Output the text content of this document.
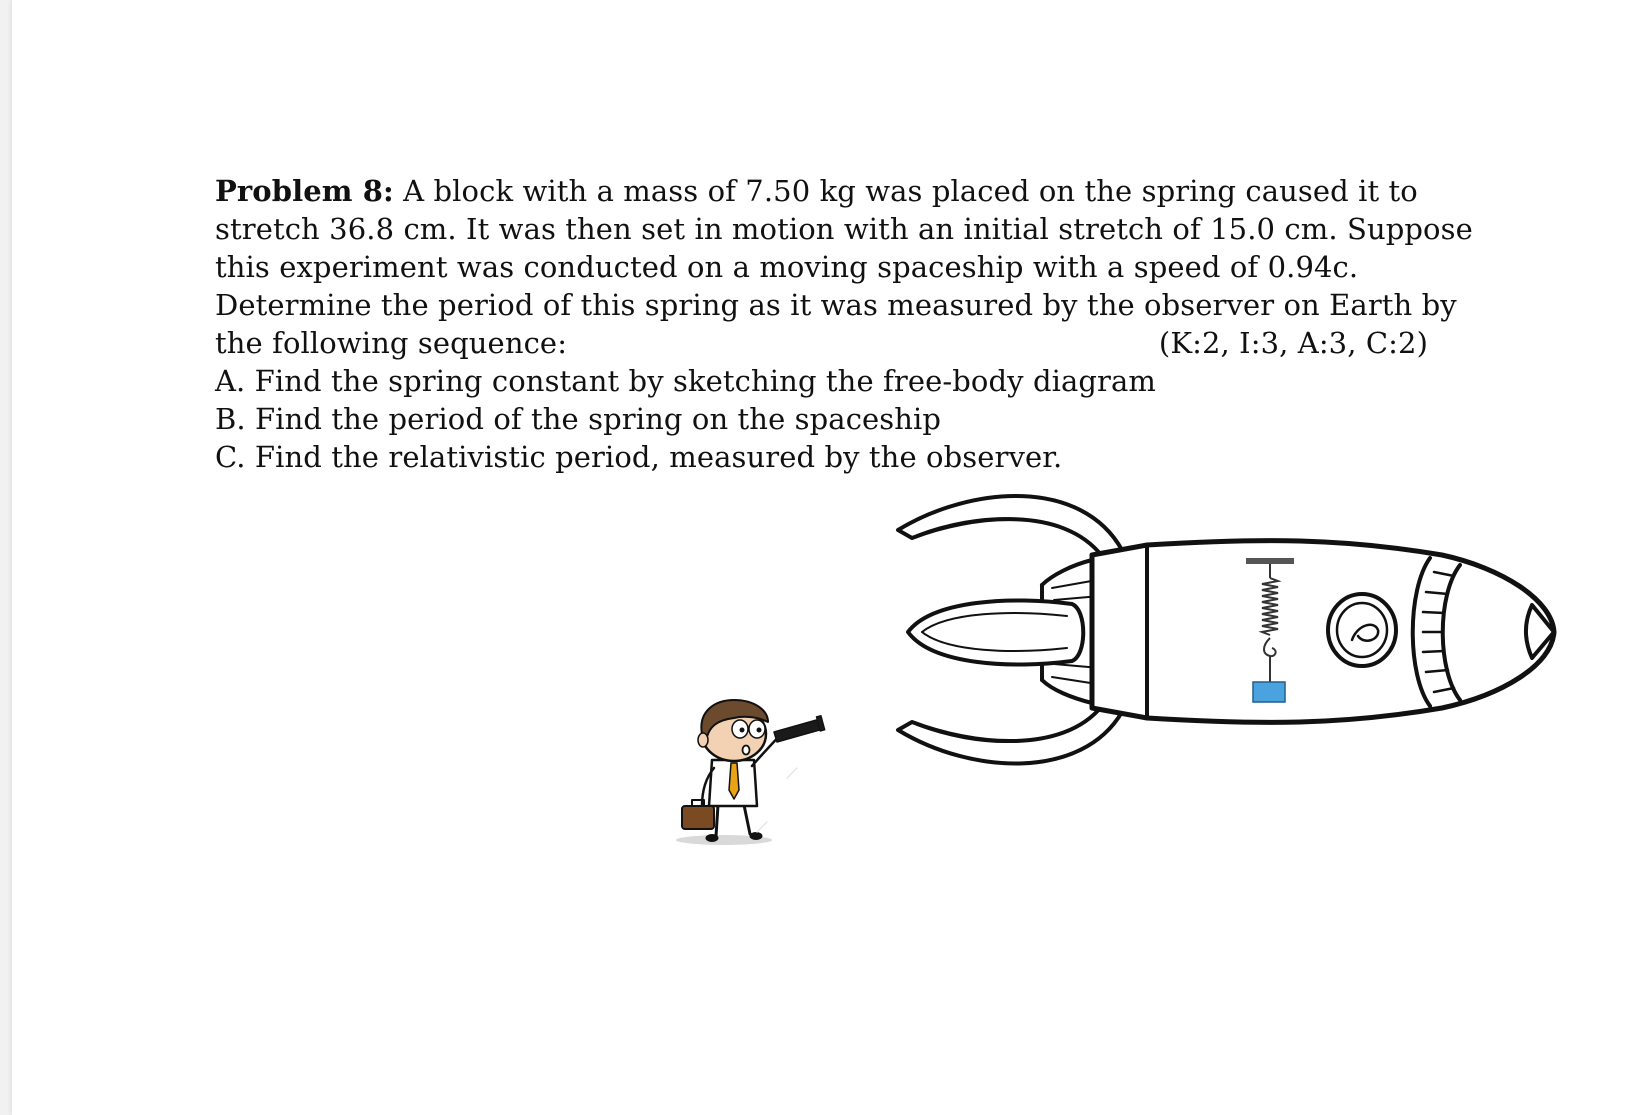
Problem 8: A block with a mass of 7.50 kg was placed on the spring caused it to
stretch 36.8 cm. It was then set in motion with an initial stretch of 15.0 cm. Suppose
this experiment was conducted on a moving spaceship with a speed of 0.94c.
Determine the period of this spring as it was measured by the observer on Earth by
the following sequence:	(K:2, I:3, A:3, C:2)
A. Find the spring constant by sketching the free-body diagram
B. Find the period of the spring on the spaceship
C. Find the relativistic period, measured by the observer.
